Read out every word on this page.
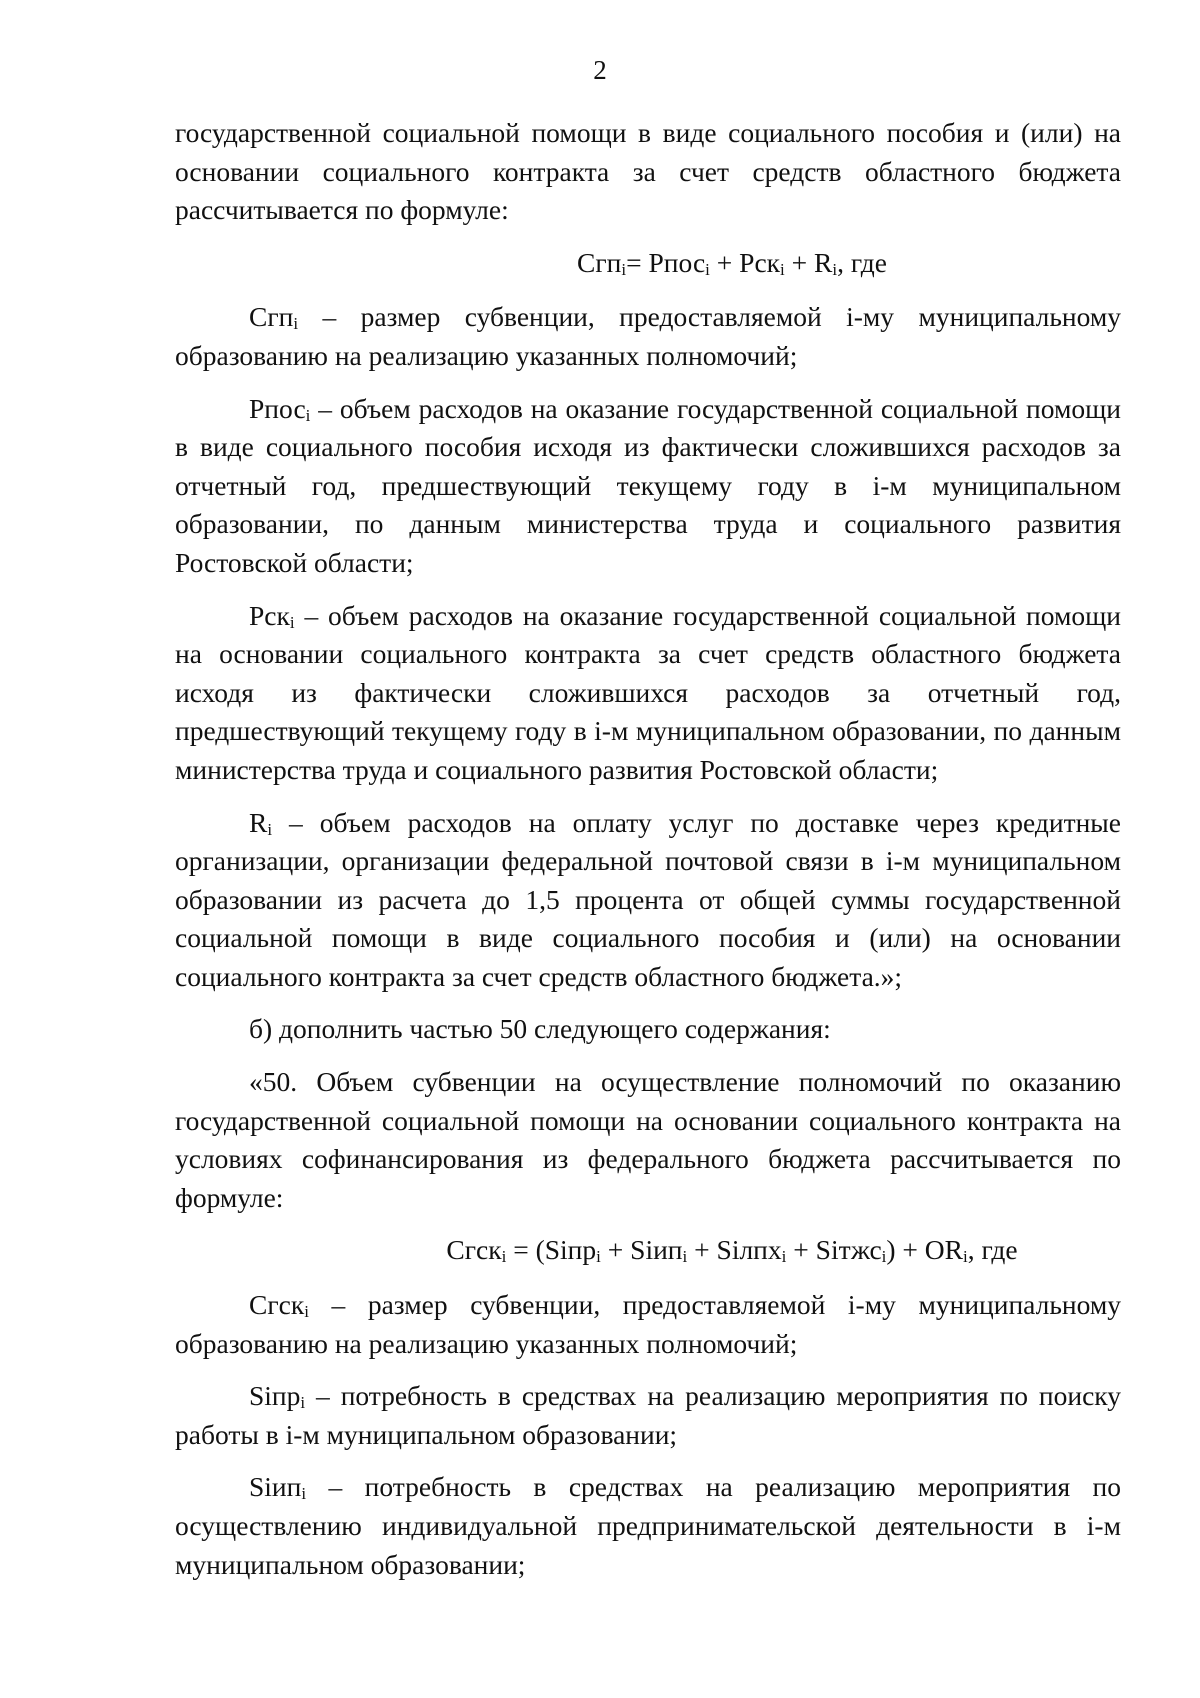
2

государственной социальной помощи в виде социального пособия и (или) на основании социального контракта за счет средств областного бюджета рассчитывается по формуле:

Сгп$_i$= Рпос$_i$ + $Рск_i + R_i$, где

Сгп$_i$ – размер субвенции, предоставляемой i-му муниципальному образованию на реализацию указанных полномочий;

Рпос$_i$ – объем расходов на оказание государственной социальной помощи в виде социального пособия исходя из фактически сложившихся расходов за отчетный год, предшествующий текущему году в i-м муниципальном образовании, по данным министерства труда и социального развития Ростовской области;

Рск$_i$ – объем расходов на оказание государственной социальной помощи на основании социального контракта за счет средств областного бюджета исходя из фактически сложившихся расходов за отчетный год, предшествующий текущему году в i-м муниципальном образовании, по данным министерства труда и социального развития Ростовской области;

$R_i$ – объем расходов на оплату услуг по доставке через кредитные организации, организации федеральной почтовой связи в i-м муниципальном образовании из расчета до 1,5 процента от общей суммы государственной социальной помощи в виде социального пособия и (или) на основании социального контракта за счет средств областного бюджета.»;

б) дополнить частью 50 следующего содержания:

«50. Объем субвенции на осуществление полномочий по оказанию государственной социальной помощи на основании социального контракта на условиях софинансирования из федерального бюджета рассчитывается по формуле:

Сгск$_i$ = (Siпр$_i$ + Siип$_i$ + Siлпх$_i$ + Siтжс$_i$) + $OR_i$, где

Сгск$_i$ – размер субвенции, предоставляемой i-му муниципальному образованию на реализацию указанных полномочий;

Siпр$_i$ – потребность в средствах на реализацию мероприятия по поиску работы в i-м муниципальном образовании;

Siип$_i$ – потребность в средствах на реализацию мероприятия по осуществлению индивидуальной предпринимательской деятельности в i-м муниципальном образовании;
